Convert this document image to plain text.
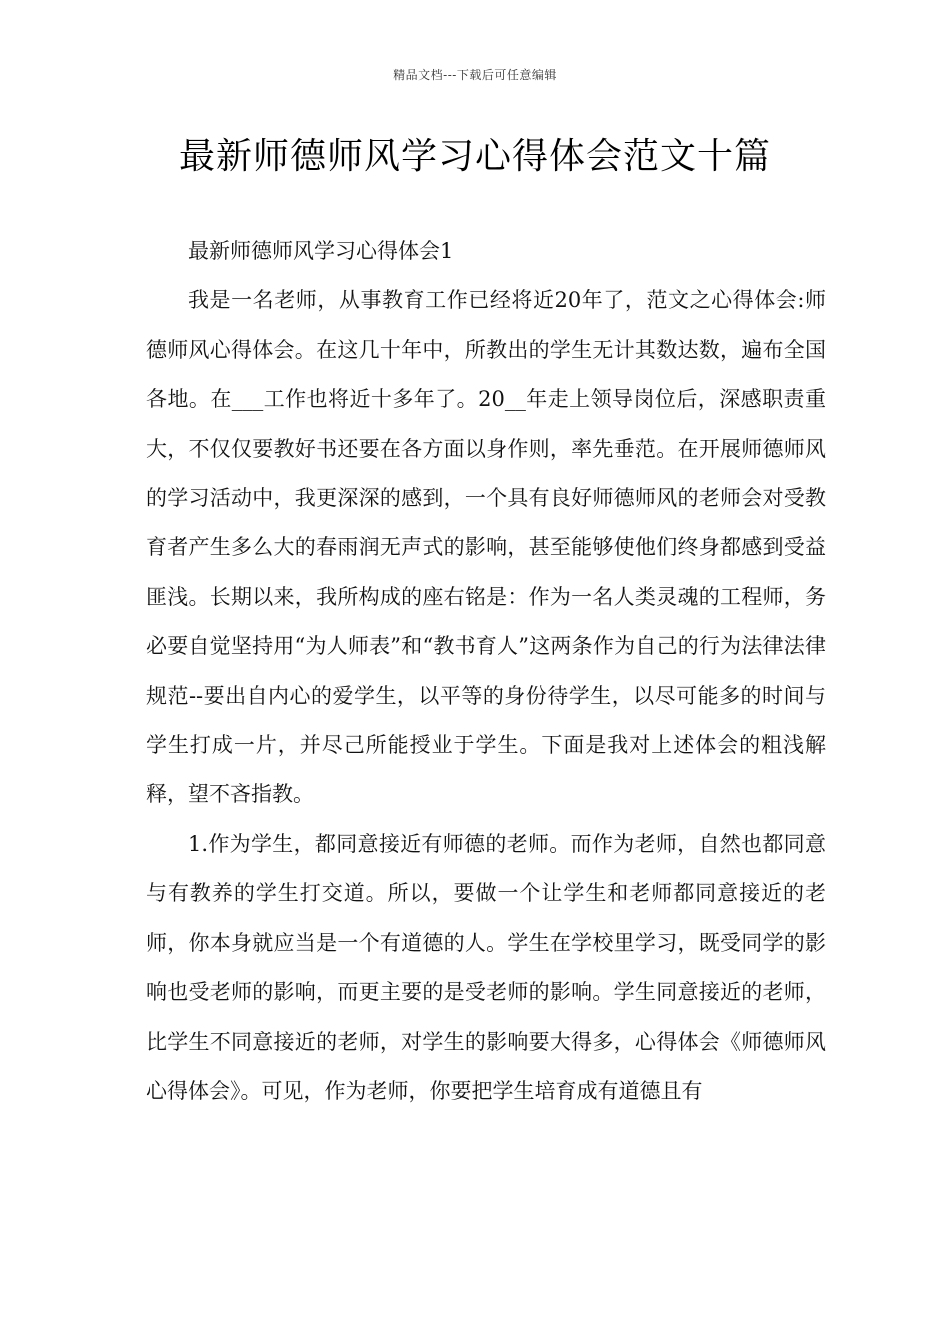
精品文档---下载后可任意编辑
最新师德师风学习心得体会范文十篇

最新师德师风学习心得体会1

我是一名老师，从事教育工作已经将近20年了，范文之心得体会:师德师风心得体会。在这几十年中，所教出的学生无计其数达数，遍布全国各地。在___工作也将近十多年了。20__年走上领导岗位后，深感职责重大，不仅仅要教好书还要在各方面以身作则，率先垂范。在开展师德师风的学习活动中，我更深深的感到，一个具有良好师德师风的老师会对受教育者产生多么大的春雨润无声式的影响，甚至能够使他们终身都感到受益匪浅。长期以来，我所构成的座右铭是：作为一名人类灵魂的工程师，务必要自觉坚持用“为人师表”和“教书育人”这两条作为自己的行为法律法律规范--要出自内心的爱学生，以平等的身份待学生，以尽可能多的时间与学生打成一片，并尽己所能授业于学生。下面是我对上述体会的粗浅解释，望不吝指教。

1.作为学生，都同意接近有师德的老师。而作为老师，自然也都同意与有教养的学生打交道。所以，要做一个让学生和老师都同意接近的老师，你本身就应当是一个有道德的人。学生在学校里学习，既受同学的影响也受老师的影响，而更主要的是受老师的影响。学生同意接近的老师，比学生不同意接近的老师，对学生的影响要大得多，心得体会《师德师风心得体会》。可见，作为老师，你要把学生培育成有道德且有
